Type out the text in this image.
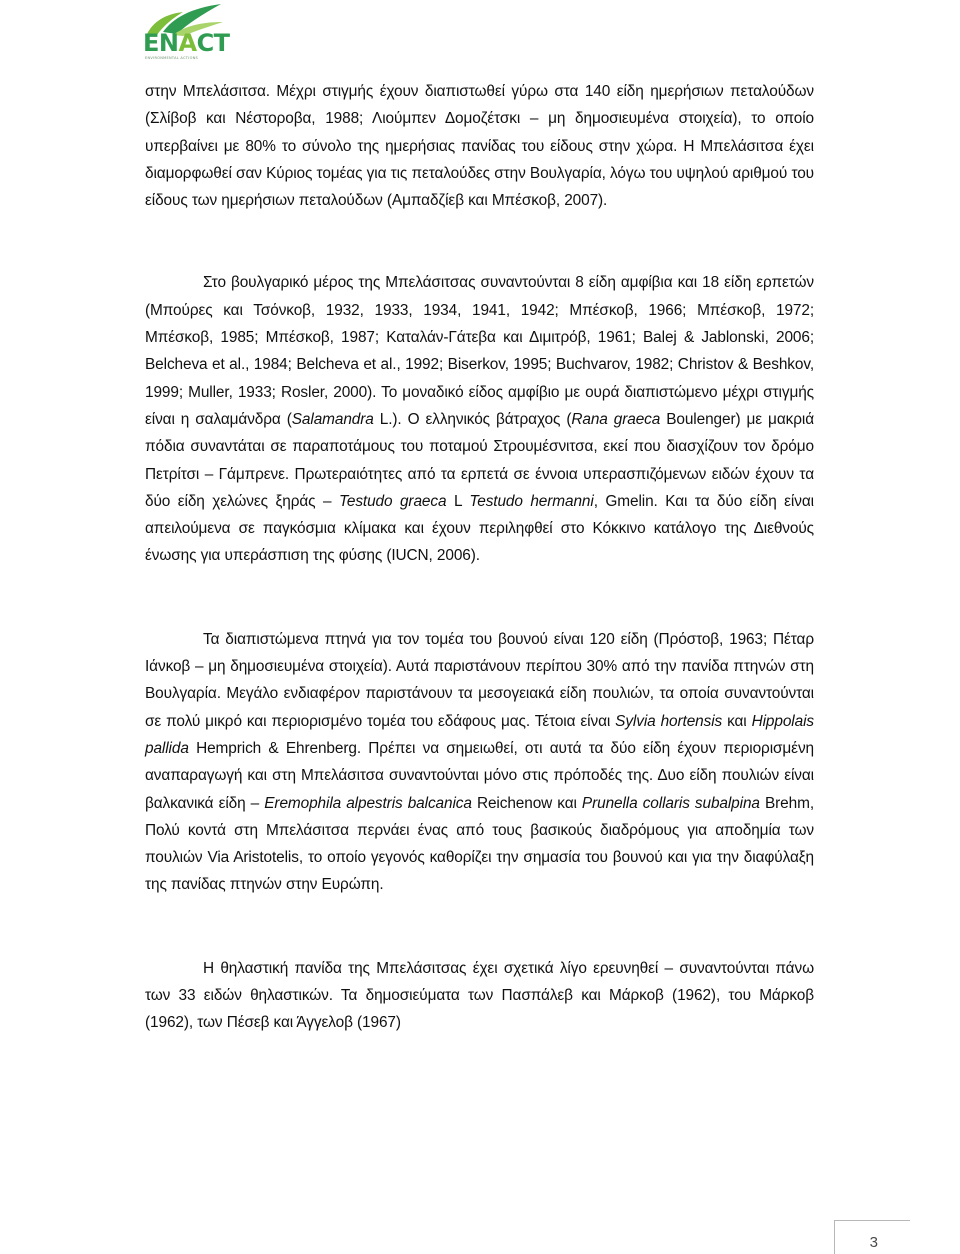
ENACT
ENVIRONMENTAL ACTIONS

στην Μπελάσιτσα. Μέχρι στιγμής έχουν διαπιστωθεί γύρω στα 140 είδη ημερήσιων πεταλούδων (Σλίβοβ και Νέστοροβα, 1988; Λιούμπεν Δομοζέτσκι – μη δημοσιευμένα στοιχεία), το οποίο υπερβαίνει με 80% το σύνολο της ημερήσιας πανίδας του είδους στην χώρα. Η Μπελάσιτσα έχει διαμορφωθεί σαν Κύριος τομέας για τις πεταλούδες στην Βουλγαρία, λόγω του υψηλού αριθμού του είδους των ημερήσιων πεταλούδων (Αμπαδζίεβ και Μπέσκοβ, 2007).

Στο βουλγαρικό μέρος της Μπελάσιτσας συναντούνται 8 είδη αμφίβια και 18 είδη ερπετών (Μπούρες και Τσόνκοβ, 1932, 1933, 1934, 1941, 1942; Μπέσκοβ, 1966; Μπέσκοβ, 1972; Μπέσκοβ, 1985; Μπέσκοβ, 1987; Καταλάν-Γάτεβα και Διμιτρόβ, 1961; Balej & Jablonski, 2006; Belcheva et al., 1984; Belcheva et al., 1992; Biserkov, 1995; Buchvarov, 1982; Christov & Beshkov, 1999; Muller, 1933; Rosler, 2000). Το μοναδικό είδος αμφίβιο με ουρά διαπιστώμενο μέχρι στιγμής είναι η σαλαμάνδρα (Salamandra L.). Ο ελληνικός βάτραχος (Rana graeca Boulenger) με μακριά πόδια συναντάται σε παραποτάμους του ποταμού Στρουμέσνιτσα, εκεί που διασχίζουν τον δρόμο Πετρίτσι – Γάμπρενε. Πρωτεραιότητες από τα ερπετά σε έννοια υπερασπιζόμενων ειδών έχουν τα δύο είδη χελώνες ξηράς – Testudo graeca L Testudo hermanni, Gmelin. Και τα δύο είδη είναι απειλούμενα σε παγκόσμια κλίμακα και έχουν περιληφθεί στο Κόκκινο κατάλογο της Διεθνούς ένωσης για υπεράσπιση της φύσης (IUCN, 2006).

Τα διαπιστώμενα πτηνά για τον τομέα του βουνού είναι 120 είδη (Πρόστοβ, 1963; Πέταρ Ιάνκοβ – μη δημοσιευμένα στοιχεία). Αυτά παριστάνουν περίπου 30% από την πανίδα πτηνών στη Βουλγαρία. Μεγάλο ενδιαφέρον παριστάνουν τα μεσογειακά είδη πουλιών, τα οποία συναντούνται σε πολύ μικρό και περιορισμένο τομέα του εδάφους μας. Τέτοια είναι Sylvia hortensis και Hippolais pallida Hemprich & Ehrenberg. Πρέπει να σημειωθεί, οτι αυτά τα δύο είδη έχουν περιορισμένη αναπαραγωγή και στη Μπελάσιτσα συναντούνται μόνο στις πρόποδές της. Δυο είδη πουλιών είναι βαλκανικά είδη – Eremophila alpestris balcanica Reichenow και Prunella collaris subalpina Brehm, Πολύ κοντά στη Μπελάσιτσα περνάει ένας από τους βασικούς διαδρόμους για αποδημία των πουλιών Via Aristotelis, το οποίο γεγονός καθορίζει την σημασία του βουνού και για την διαφύλαξη της πανίδας πτηνών στην Ευρώπη.

Η θηλαστική πανίδα της Μπελάσιτσας έχει σχετικά λίγο ερευνηθεί – συναντούνται πάνω των 33 ειδών θηλαστικών. Τα δημοσιεύματα των Πασπάλεβ και Μάρκοβ (1962), του Μάρκοβ (1962), των Πέσεβ και Άγγελοβ (1967)

3
